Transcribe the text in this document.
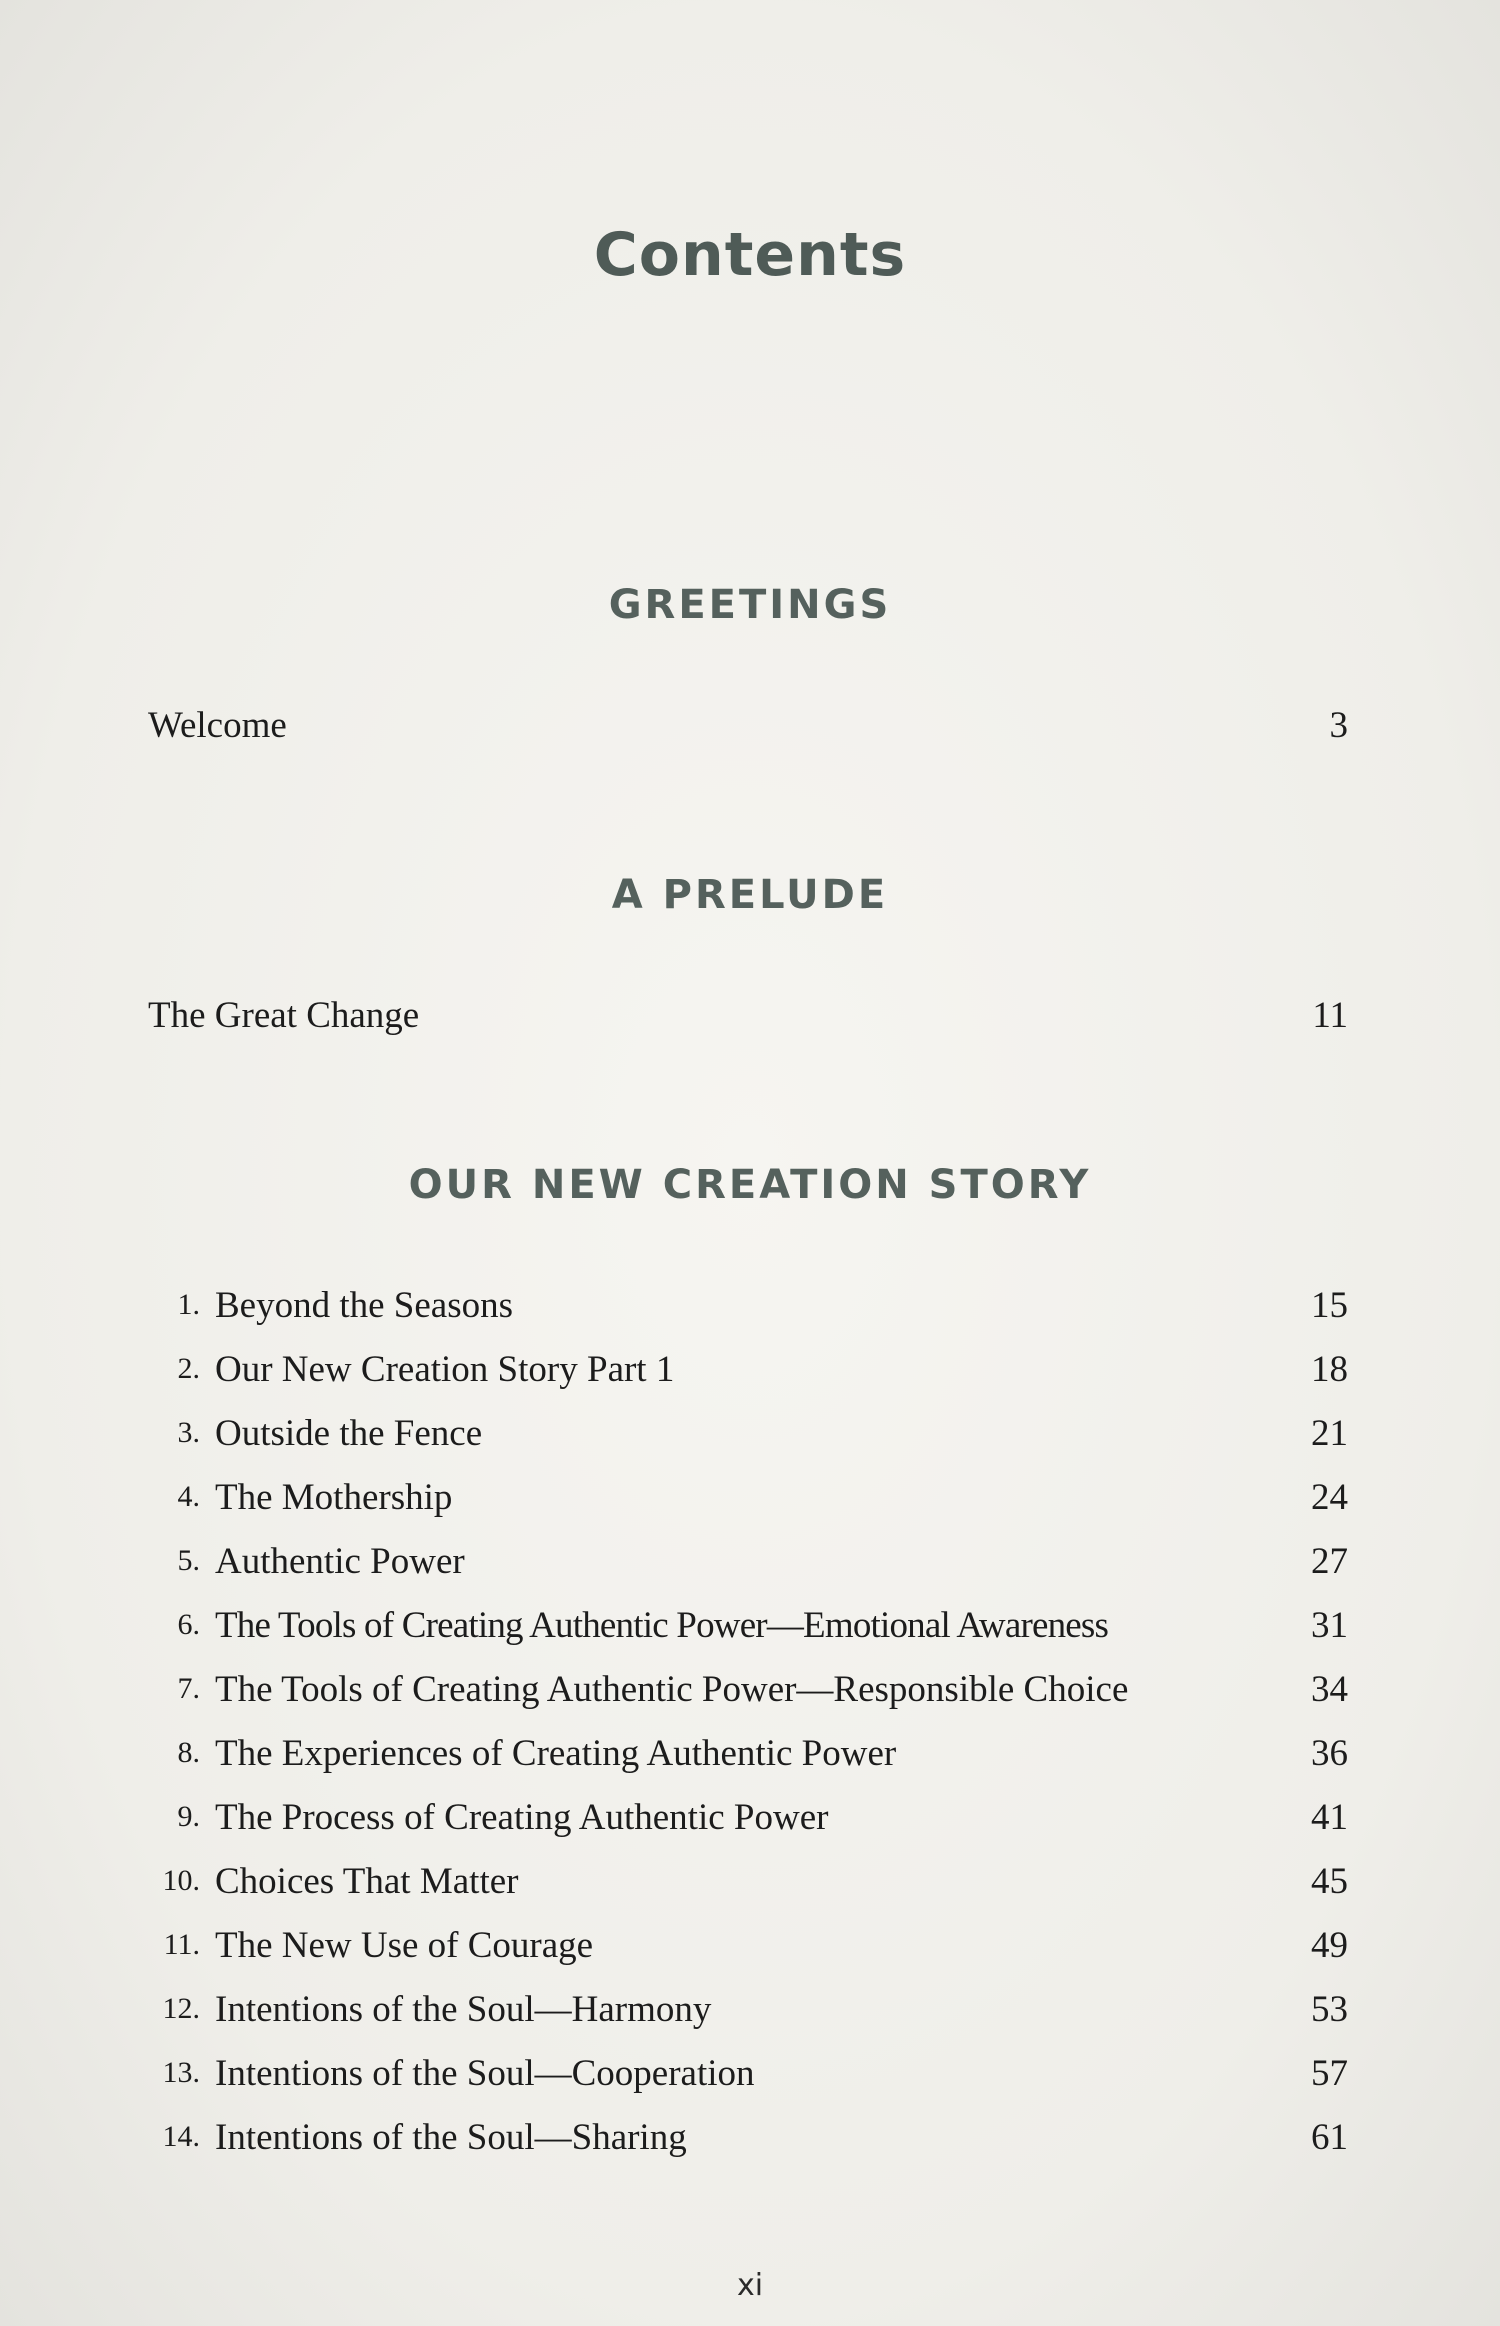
Contents
GREETINGS
Welcome	3
A PRELUDE
The Great Change	11
OUR NEW CREATION STORY
1. Beyond the Seasons	15
2. Our New Creation Story Part 1	18
3. Outside the Fence	21
4. The Mothership	24
5. Authentic Power	27
6. The Tools of Creating Authentic Power—Emotional Awareness	31
7. The Tools of Creating Authentic Power—Responsible Choice	34
8. The Experiences of Creating Authentic Power	36
9. The Process of Creating Authentic Power	41
10. Choices That Matter	45
11. The New Use of Courage	49
12. Intentions of the Soul—Harmony	53
13. Intentions of the Soul—Cooperation	57
14. Intentions of the Soul—Sharing	61
xi
